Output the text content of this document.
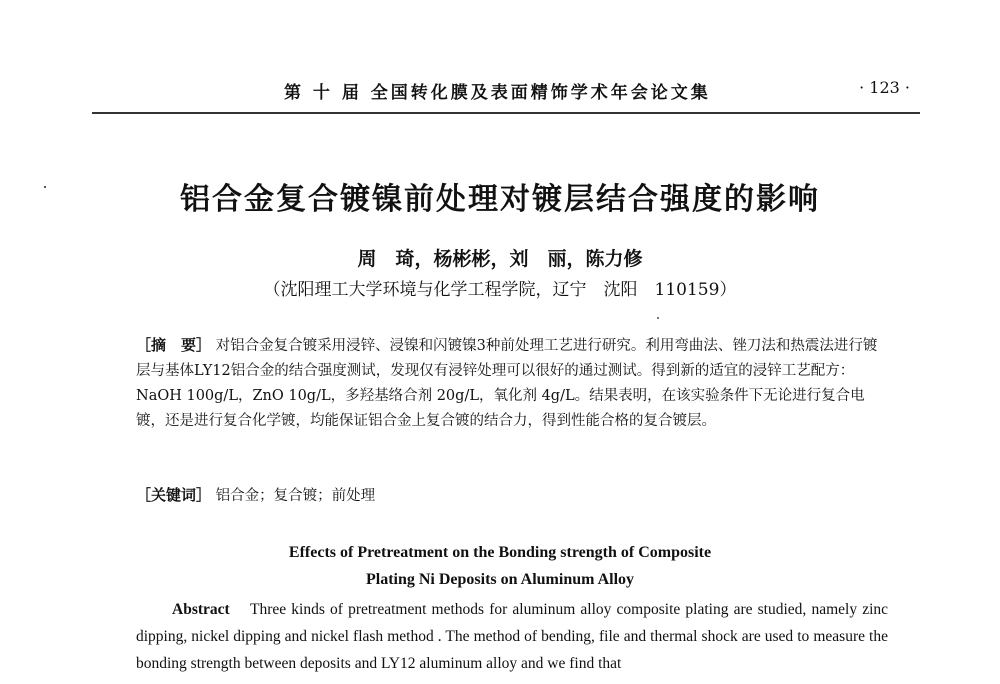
第 十 届 全国转化膜及表面精饰学术年会论文集	· 123 ·
铝合金复合镀镍前处理对镀层结合强度的影响
周　琦，杨彬彬，刘　丽，陈力修
（沈阳理工大学环境与化学工程学院，辽宁　沈阳　110159）
［摘　要］ 对铝合金复合镀采用浸锌、浸镍和闪镀镍3种前处理工艺进行研究。利用弯曲法、锉刀法和热震法进行镀层与基体LY12铝合金的结合强度测试，发现仅有浸锌处理可以很好的通过测试。得到新的适宜的浸锌工艺配方：NaOH 100g/L，ZnO 10g/L，多羟基络合剂 20g/L，氧化剂 4g/L。结果表明，在该实验条件下无论进行复合电镀，还是进行复合化学镀，均能保证铝合金上复合镀的结合力，得到性能合格的复合镀层。
［关键词］ 铝合金；复合镀；前处理
Effects of Pretreatment on the Bonding strength of Composite
Plating Ni Deposits on Aluminum Alloy
Abstract Three kinds of pretreatment methods for aluminum alloy composite plating are studied, namely zinc dipping, nickel dipping and nickel flash method . The method of bending, file and thermal shock are used to measure the bonding strength between deposits and LY12 aluminum alloy and we find that
